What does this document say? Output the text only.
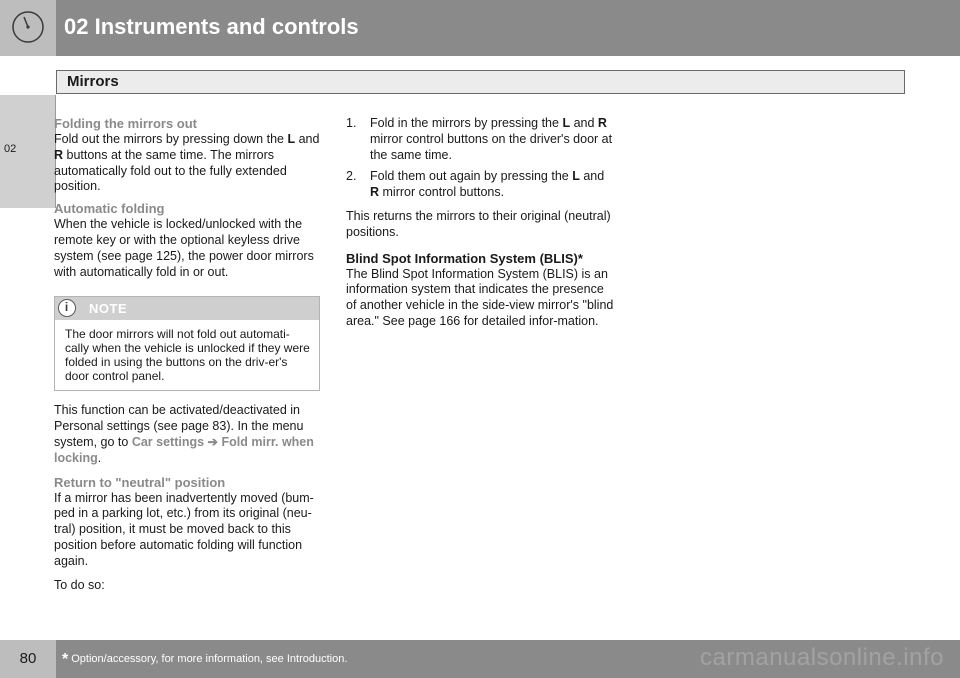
02 Instruments and controls
Mirrors
02
Folding the mirrors out

Fold out the mirrors by pressing down the L and R buttons at the same time. The mirrors automatically fold out to the fully extended position.

Automatic folding

When the vehicle is locked/unlocked with the remote key or with the optional keyless drive system (see page 125), the power door mirrors with automatically fold in or out.

i	NOTE
The door mirrors will not fold out automati-cally when the vehicle is unlocked if they were folded in using the buttons on the driv-er's door control panel.

This function can be activated/deactivated in Personal settings (see page 83). In the menu system, go to Car settings ➔ Fold mirr. when locking.

Return to "neutral" position

If a mirror has been inadvertently moved (bum-ped in a parking lot, etc.) from its original (neu-tral) position, it must be moved back to this position before automatic folding will function again.

To do so:

1. Fold in the mirrors by pressing the L and R mirror control buttons on the driver's door at the same time.
2. Fold them out again by pressing the L and R mirror control buttons.

This returns the mirrors to their original (neutral) positions.

Blind Spot Information System (BLIS)*

The Blind Spot Information System (BLIS) is an information system that indicates the presence of another vehicle in the side-view mirror's "blind area." See page 166 for detailed infor-mation.

80	* Option/accessory, for more information, see Introduction.	carmanualsonline.info
